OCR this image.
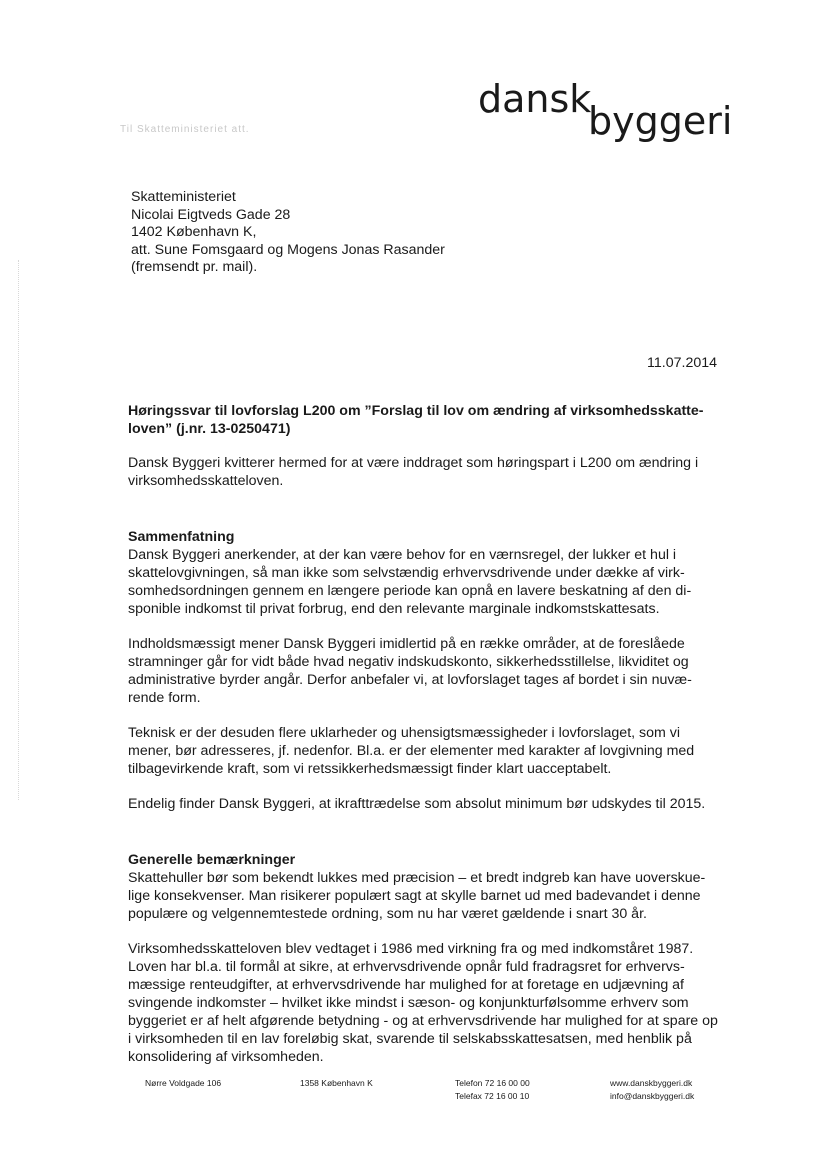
dansk
byggeri
Til Skatteministeriet att.
Skatteministeriet
Nicolai Eigtveds Gade 28
1402 København K,
att. Sune Fomsgaard og Mogens Jonas Rasander
(fremsendt pr. mail).
11.07.2014
Høringssvar til lovforslag L200 om ”Forslag til lov om ændring af virksomhedsskatte-loven” (j.nr. 13-0250471)

Dansk Byggeri kvitterer hermed for at være inddraget som høringspart i L200 om ændring i virksomhedsskatteloven.

Sammenfatning

Dansk Byggeri anerkender, at der kan være behov for en værnsregel, der lukker et hul i skattelovgivningen, så man ikke som selvstændig erhvervsdrivende under dække af virk-somhedsordningen gennem en længere periode kan opnå en lavere beskatning af den di-sponible indkomst til privat forbrug, end den relevante marginale indkomstskattesats.

Indholdsmæssigt mener Dansk Byggeri imidlertid på en række områder, at de foreslåede stramninger går for vidt både hvad negativ indskudskonto, sikkerhedsstillelse, likviditet og administrative byrder angår. Derfor anbefaler vi, at lovforslaget tages af bordet i sin nuvæ-rende form.

Teknisk er der desuden flere uklarheder og uhensigtsmæssigheder i lovforslaget, som vi mener, bør adresseres, jf. nedenfor. Bl.a. er der elementer med karakter af lovgivning med tilbagevirkende kraft, som vi retssikkerhedsmæssigt finder klart uacceptabelt.

Endelig finder Dansk Byggeri, at ikrafttrædelse som absolut minimum bør udskydes til 2015.

Generelle bemærkninger

Skattehuller bør som bekendt lukkes med præcision – et bredt indgreb kan have uoverskue-lige konsekvenser. Man risikerer populært sagt at skylle barnet ud med badevandet i denne populære og velgennemtestede ordning, som nu har været gældende i snart 30 år.

Virksomhedsskatteloven blev vedtaget i 1986 med virkning fra og med indkomståret 1987. Loven har bl.a. til formål at sikre, at erhvervsdrivende opnår fuld fradragsret for erhvervs-mæssige renteudgifter, at erhvervsdrivende har mulighed for at foretage en udjævning af svingende indkomster – hvilket ikke mindst i sæson- og konjunkturfølsomme erhverv som byggeriet er af helt afgørende betydning - og at erhvervsdrivende har mulighed for at spare op i virksomheden til en lav foreløbig skat, svarende til selskabsskattesatsen, med henblik på konsolidering af virksomheden.

Nørre Voldgade 106	1358 København K	Telefon 72 16 00 00
Telefax 72 16 00 10
www.danskbyggeri.dk
info@danskbyggeri.dk
